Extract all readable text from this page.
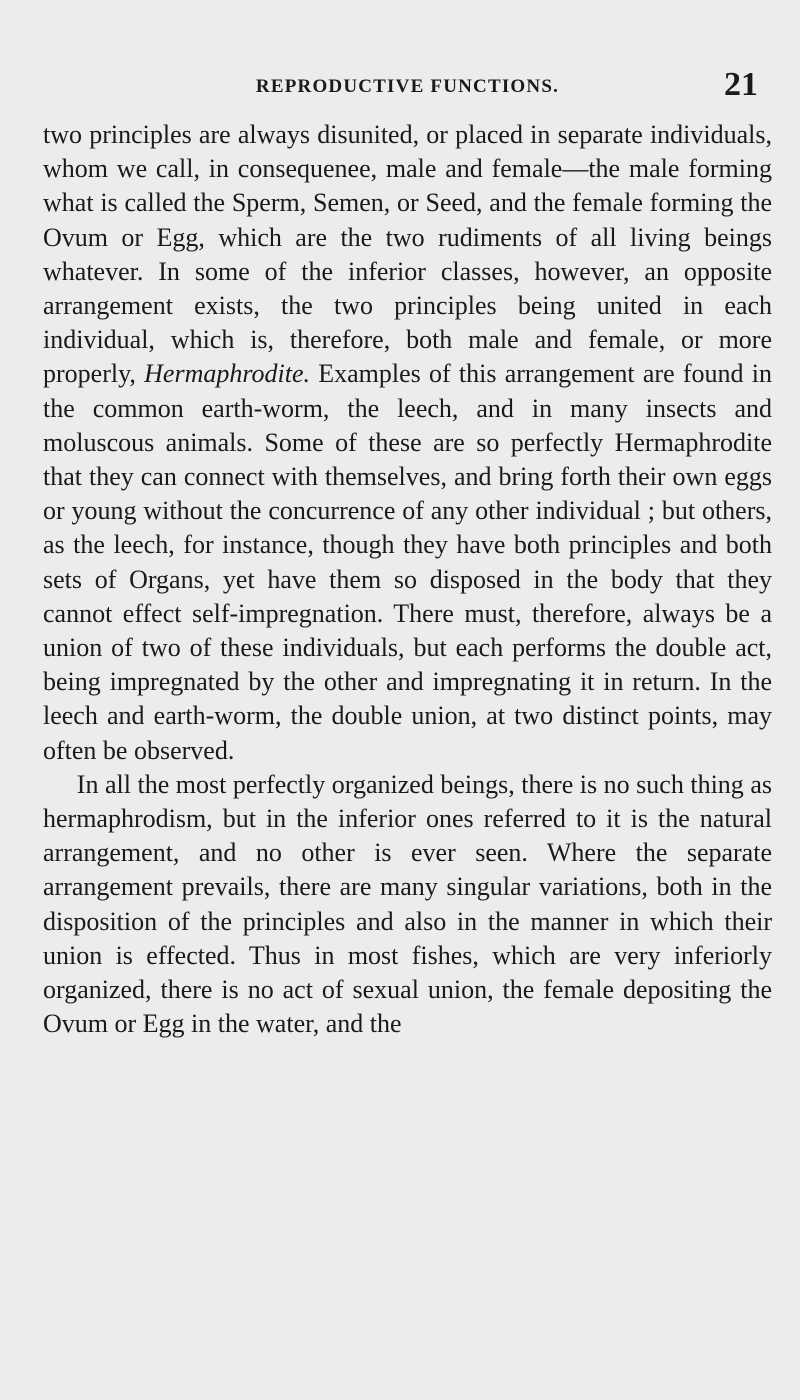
REPRODUCTIVE FUNCTIONS.	21

two principles are always disunited, or placed in separate individuals, whom we call, in consequenee, male and female—the male forming what is called the Sperm, Semen, or Seed, and the female forming the Ovum or Egg, which are the two rudiments of all living beings whatever. In some of the inferior classes, however, an opposite arrangement exists, the two principles being united in each individual, which is, therefore, both male and female, or more properly, Hermaphrodite. Examples of this arrangement are found in the common earth-worm, the leech, and in many insects and moluscous animals. Some of these are so perfectly Hermaphrodite that they can connect with themselves, and bring forth their own eggs or young without the concurrence of any other individual ; but others, as the leech, for instance, though they have both principles and both sets of Organs, yet have them so disposed in the body that they cannot effect self-impregnation. There must, therefore, always be a union of two of these individuals, but each performs the double act, being impregnated by the other and impregnating it in return. In the leech and earth-worm, the double union, at two distinct points, may often be observed.

In all the most perfectly organized beings, there is no such thing as hermaphrodism, but in the inferior ones referred to it is the natural arrangement, and no other is ever seen. Where the separate arrangement prevails, there are many singular variations, both in the disposition of the principles and also in the manner in which their union is effected. Thus in most fishes, which are very inferiorly organized, there is no act of sexual union, the female depositing the Ovum or Egg in the water, and the
